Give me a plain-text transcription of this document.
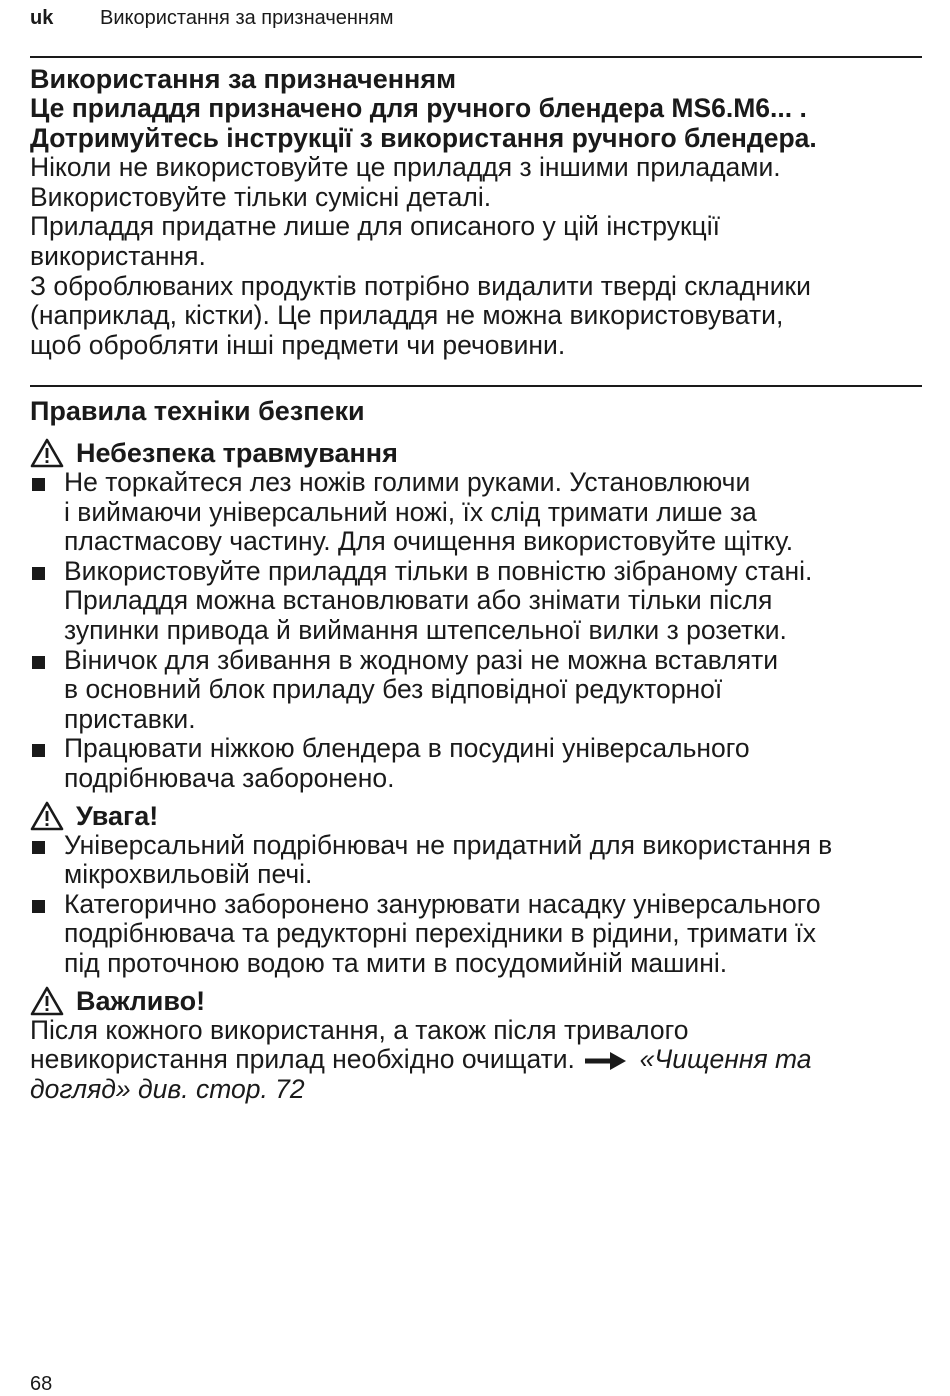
uk Використання за призначенням
Використання за призначенням
Це приладдя призначено для ручного блендера MS6.M6... .
Дотримуйтесь інструкції з використання ручного блендера.
Ніколи не використовуйте це приладдя з іншими приладами.
Використовуйте тільки сумісні деталі.
Приладдя придатне лише для описаного у цій інструкції
використання.
З оброблюваних продуктів потрібно видалити тверді складники
(наприклад, кістки). Це приладдя не можна використовувати,
щоб обробляти інші предмети чи речовини.
Правила техніки безпеки
Небезпека травмування
Не торкайтеся лез ножів голими руками. Установлюючи
і виймаючи універсальний ножі, їх слід тримати лише за
пластмасову частину. Для очищення використовуйте щітку.
Використовуйте приладдя тільки в повністю зібраному стані.
Приладдя можна встановлювати або знімати тільки після
зупинки привода й виймання штепсельної вилки з розетки.
Віничок для збивання в жодному разі не можна вставляти
в основний блок приладу без відповідної редукторної
приставки.
Працювати ніжкою блендера в посудині універсального
подрібнювача заборонено.
Увага!
Універсальний подрібнювач не придатний для використання в
мікрохвильовій печі.
Категорично заборонено занурювати насадку універсального
подрібнювача та редукторні перехідники в рідини, тримати їх
під проточною водою та мити в посудомийній машині.
Важливо!
Після кожного використання, а також після тривалого
невикористання прилад необхідно очищати. «Чищення та
догляд» див. стор. 72
68
